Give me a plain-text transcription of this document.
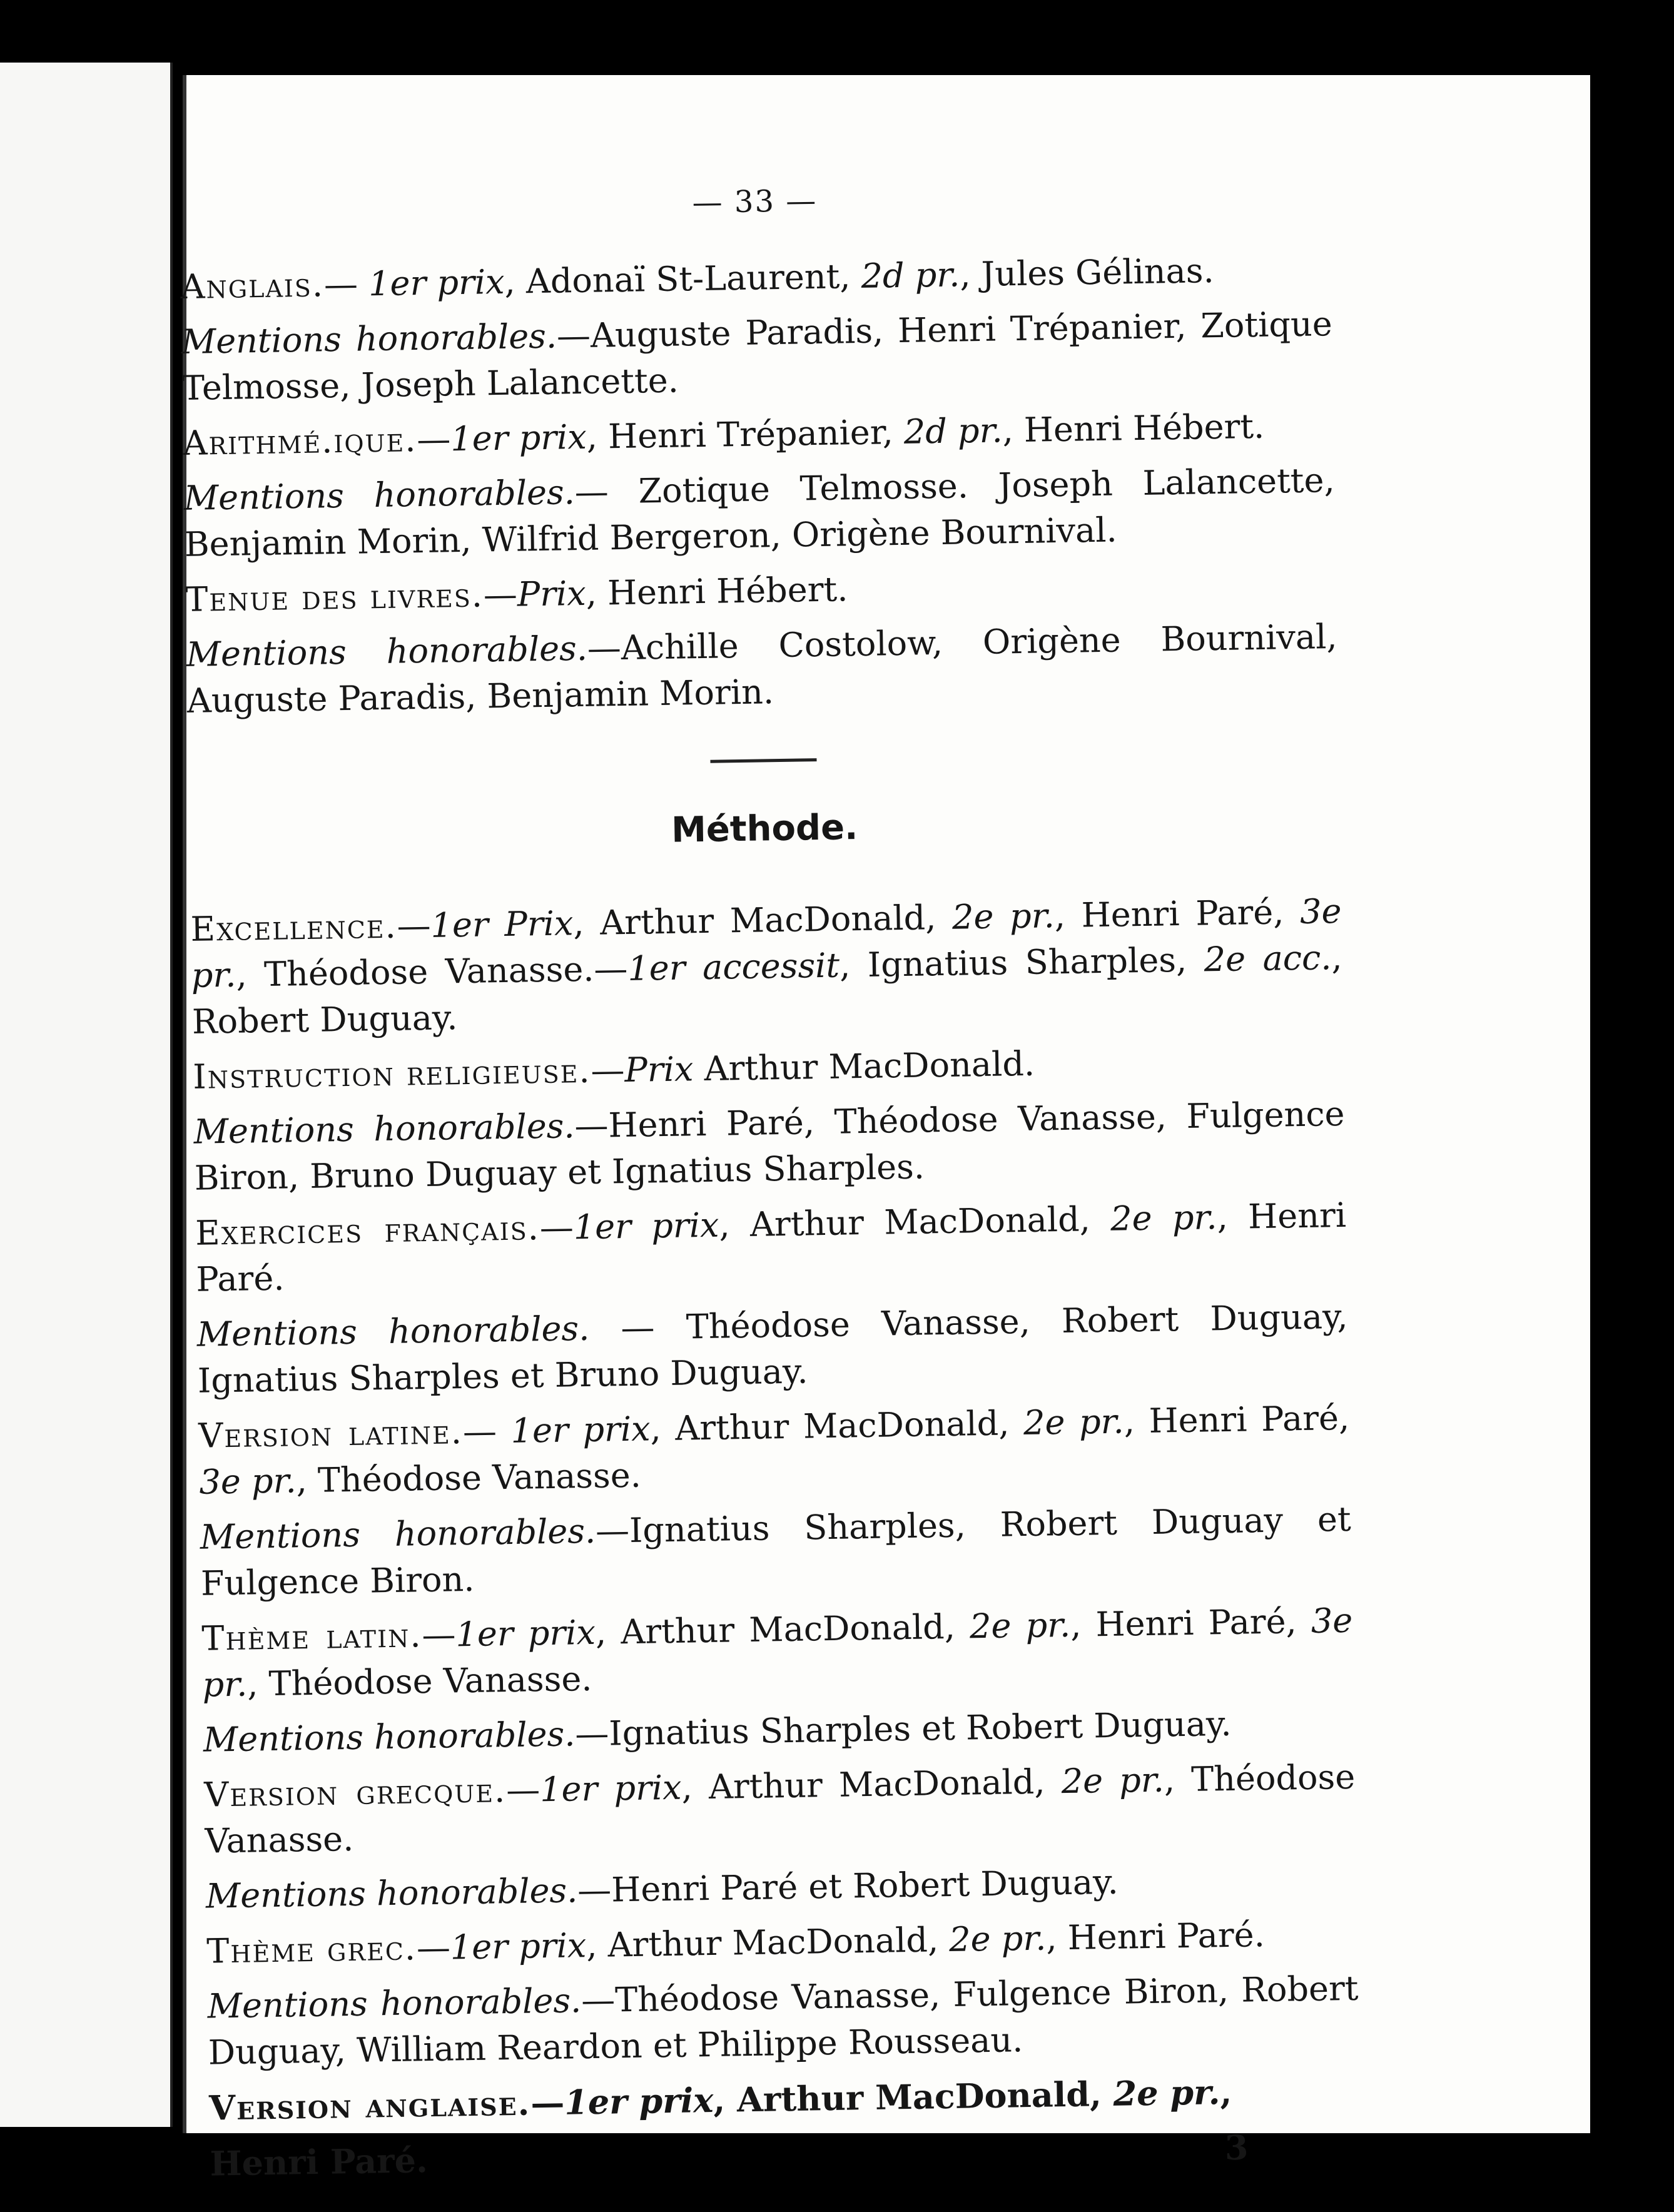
— 33 —

Anglais.— 1er prix, Adonaï St-Laurent, 2d pr., Jules Gélinas.

Mentions honorables.—Auguste Paradis, Henri Trépanier, Zotique Telmosse, Joseph Lalancette.

Arithmé.ique.—1er prix, Henri Trépanier, 2d pr., Henri Hébert.

Mentions honorables.— Zotique Telmosse. Joseph Lalancette, Benjamin Morin, Wilfrid Bergeron, Origène Bournival.

Tenue des livres.—Prix, Henri Hébert.

Mentions honorables.—Achille Costolow, Origène Bournival, Auguste Paradis, Benjamin Morin.

Méthode.

Excellence.—1er Prix, Arthur MacDonald, 2e pr., Henri Paré, 3e pr., Théodose Vanasse.—1er accessit, Ignatius Sharples, 2e acc., Robert Duguay.

Instruction religieuse.—Prix Arthur MacDonald.

Mentions honorables.—Henri Paré, Théodose Vanasse, Fulgence Biron, Bruno Duguay et Ignatius Sharples.

Exercices français.—1er prix, Arthur MacDonald, 2e pr., Henri Paré.

Mentions honorables. — Théodose Vanasse, Robert Duguay, Ignatius Sharples et Bruno Duguay.

Version latine.— 1er prix, Arthur MacDonald, 2e pr., Henri Paré, 3e pr., Théodose Vanasse.

Mentions honorables.—Ignatius Sharples, Robert Duguay et Fulgence Biron.

Thème latin.—1er prix, Arthur MacDonald, 2e pr., Henri Paré, 3e pr., Théodose Vanasse.

Mentions honorables.—Ignatius Sharples et Robert Duguay.

Version grecque.—1er prix, Arthur MacDonald, 2e pr., Théodose Vanasse.

Mentions honorables.—Henri Paré et Robert Duguay.

Thème grec.—1er prix, Arthur MacDonald, 2e pr., Henri Paré.

Mentions honorables.—Théodose Vanasse, Fulgence Biron, Robert Duguay, William Reardon et Philippe Rousseau.

Version anglaise.—1er prix, Arthur MacDonald, 2e pr.,

Henri Paré.	3
